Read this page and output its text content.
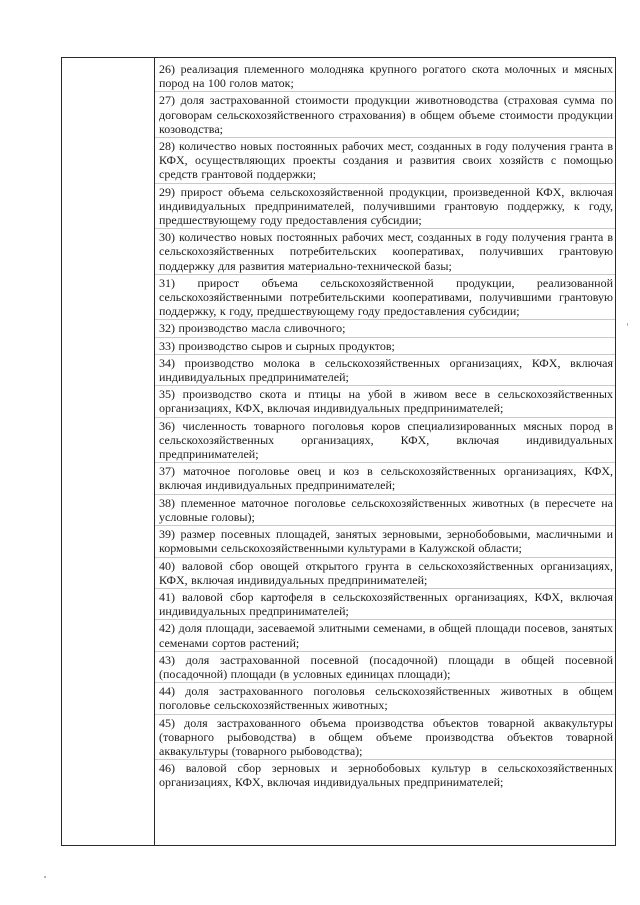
26) реализация племенного молодняка крупного рогатого скота молочных и мясных пород на 100 голов маток;
27) доля застрахованной стоимости продукции животноводства (страховая сумма по договорам сельскохозяйственного страхования) в общем объеме стоимости продукции козоводства;
28) количество новых постоянных рабочих мест, созданных в году получения гранта в КФХ, осуществляющих проекты создания и развития своих хозяйств с помощью средств грантовой поддержки;
29) прирост объема сельскохозяйственной продукции, произведенной КФХ, включая индивидуальных предпринимателей, получившими грантовую поддержку, к году, предшествующему году предоставления субсидии;
30) количество новых постоянных рабочих мест, созданных в году получения гранта в сельскохозяйственных потребительских кооперативах, получивших грантовую поддержку для развития материально-технической базы;
31) прирост объема сельскохозяйственной продукции, реализованной сельскохозяйственными потребительскими кооперативами, получившими грантовую поддержку, к году, предшествующему году предоставления субсидии;
32) производство масла сливочного;
33) производство сыров и сырных продуктов;
34) производство молока в сельскохозяйственных организациях, КФХ, включая индивидуальных предпринимателей;
35) производство скота и птицы на убой в живом весе в сельскохозяйственных организациях, КФХ, включая индивидуальных предпринимателей;
36) численность товарного поголовья коров специализированных мясных пород в сельскохозяйственных организациях, КФХ, включая индивидуальных предпринимателей;
37) маточное поголовье овец и коз в сельскохозяйственных организациях, КФХ, включая индивидуальных предпринимателей;
38) племенное маточное поголовье сельскохозяйственных животных (в пересчете на условные головы);
39) размер посевных площадей, занятых зерновыми, зернобобовыми, масличными и кормовыми сельскохозяйственными культурами в Калужской области;
40) валовой сбор овощей открытого грунта в сельскохозяйственных организациях, КФХ, включая индивидуальных предпринимателей;
41) валовой сбор картофеля в сельскохозяйственных организациях, КФХ, включая индивидуальных предпринимателей;
42) доля площади, засеваемой элитными семенами, в общей площади посевов, занятых семенами сортов растений;
43) доля застрахованной посевной (посадочной) площади в общей посевной (посадочной) площади (в условных единицах площади);
44) доля застрахованного поголовья сельскохозяйственных животных в общем поголовье сельскохозяйственных животных;
45) доля застрахованного объема производства объектов товарной аквакультуры (товарного рыбоводства) в общем объеме производства объектов товарной аквакультуры (товарного рыбоводства);
46) валовой сбор зерновых и зернобобовых культур в сельскохозяйственных организациях, КФХ, включая индивидуальных предпринимателей;
